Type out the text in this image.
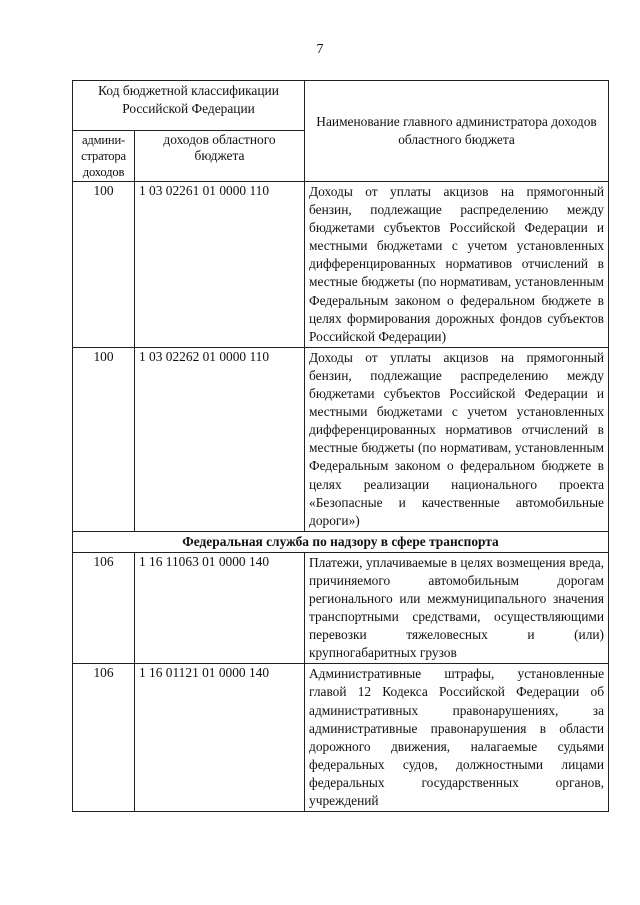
7
Код бюджетной классификации Российской Федерации		Наименование главного администратора доходов областного бюджета
админи-стратора доходов	доходов областного бюджета	
100	1 03 02261 01 0000 110	Доходы от уплаты акцизов на прямогонный бензин, подлежащие распределению между бюджетами субъектов Российской Федерации и местными бюджетами с учетом установленных дифференцированных нормативов отчислений в местные бюджеты (по нормативам, установленным Федеральным законом о федеральном бюджете в целях формирования дорожных фондов субъектов Российской Федерации)
100	1 03 02262 01 0000 110	Доходы от уплаты акцизов на прямогонный бензин, подлежащие распределению между бюджетами субъектов Российской Федерации и местными бюджетами с учетом установленных дифференцированных нормативов отчислений в местные бюджеты (по нормативам, установленным Федеральным законом о федеральном бюджете в целях реализации национального проекта «Безопасные и качественные автомобильные дороги»)
Федеральная служба по надзору в сфере транспорта		
106	1 16 11063 01 0000 140	Платежи, уплачиваемые в целях возмещения вреда, причиняемого автомобильным дорогам регионального или межмуниципального значения транспортными средствами, осуществляющими перевозки тяжеловесных и (или) крупногабаритных грузов
106	1 16 01121 01 0000 140	Административные штрафы, установленные главой 12 Кодекса Российской Федерации об административных правонарушениях, за административные правонарушения в области дорожного движения, налагаемые судьями федеральных судов, должностными лицами федеральных государственных органов, учреждений
